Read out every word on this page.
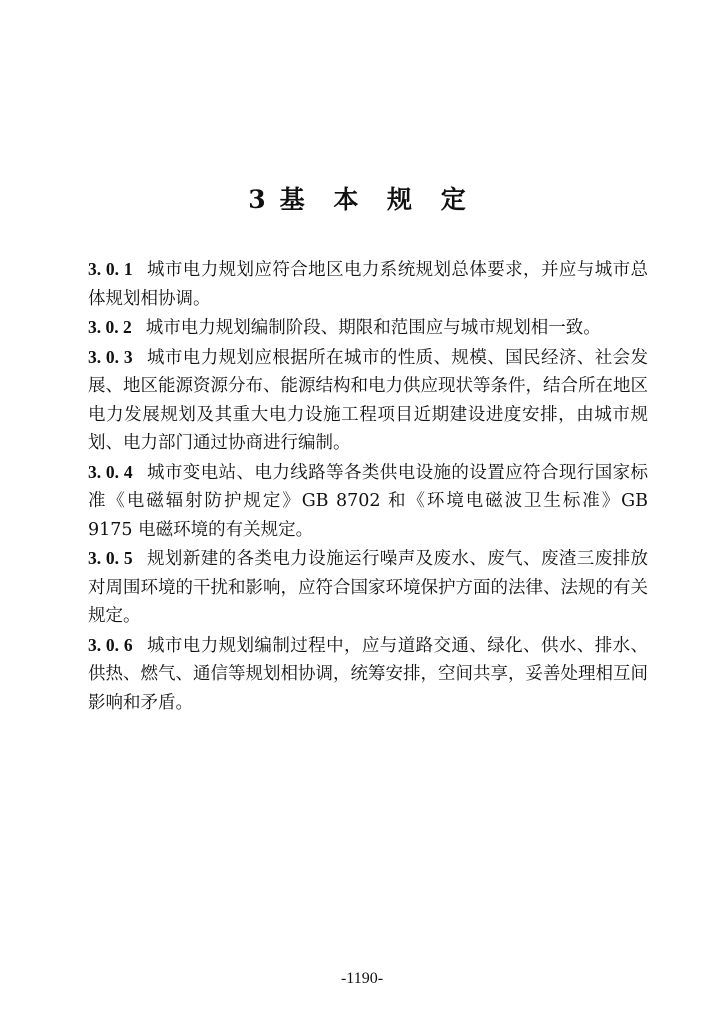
3 基 本 规 定

3. 0. 1 城市电力规划应符合地区电力系统规划总体要求，并应与城市总体规划相协调。

3. 0. 2 城市电力规划编制阶段、期限和范围应与城市规划相一致。

3. 0. 3 城市电力规划应根据所在城市的性质、规模、国民经济、社会发展、地区能源资源分布、能源结构和电力供应现状等条件，结合所在地区电力发展规划及其重大电力设施工程项目近期建设进度安排，由城市规划、电力部门通过协商进行编制。

3. 0. 4 城市变电站、电力线路等各类供电设施的设置应符合现行国家标准《电磁辐射防护规定》GB 8702 和《环境电磁波卫生标准》GB 9175 电磁环境的有关规定。

3. 0. 5 规划新建的各类电力设施运行噪声及废水、废气、废渣三废排放对周围环境的干扰和影响，应符合国家环境保护方面的法律、法规的有关规定。

3. 0. 6 城市电力规划编制过程中，应与道路交通、绿化、供水、排水、供热、燃气、通信等规划相协调，统筹安排，空间共享，妥善处理相互间影响和矛盾。

-1190-
